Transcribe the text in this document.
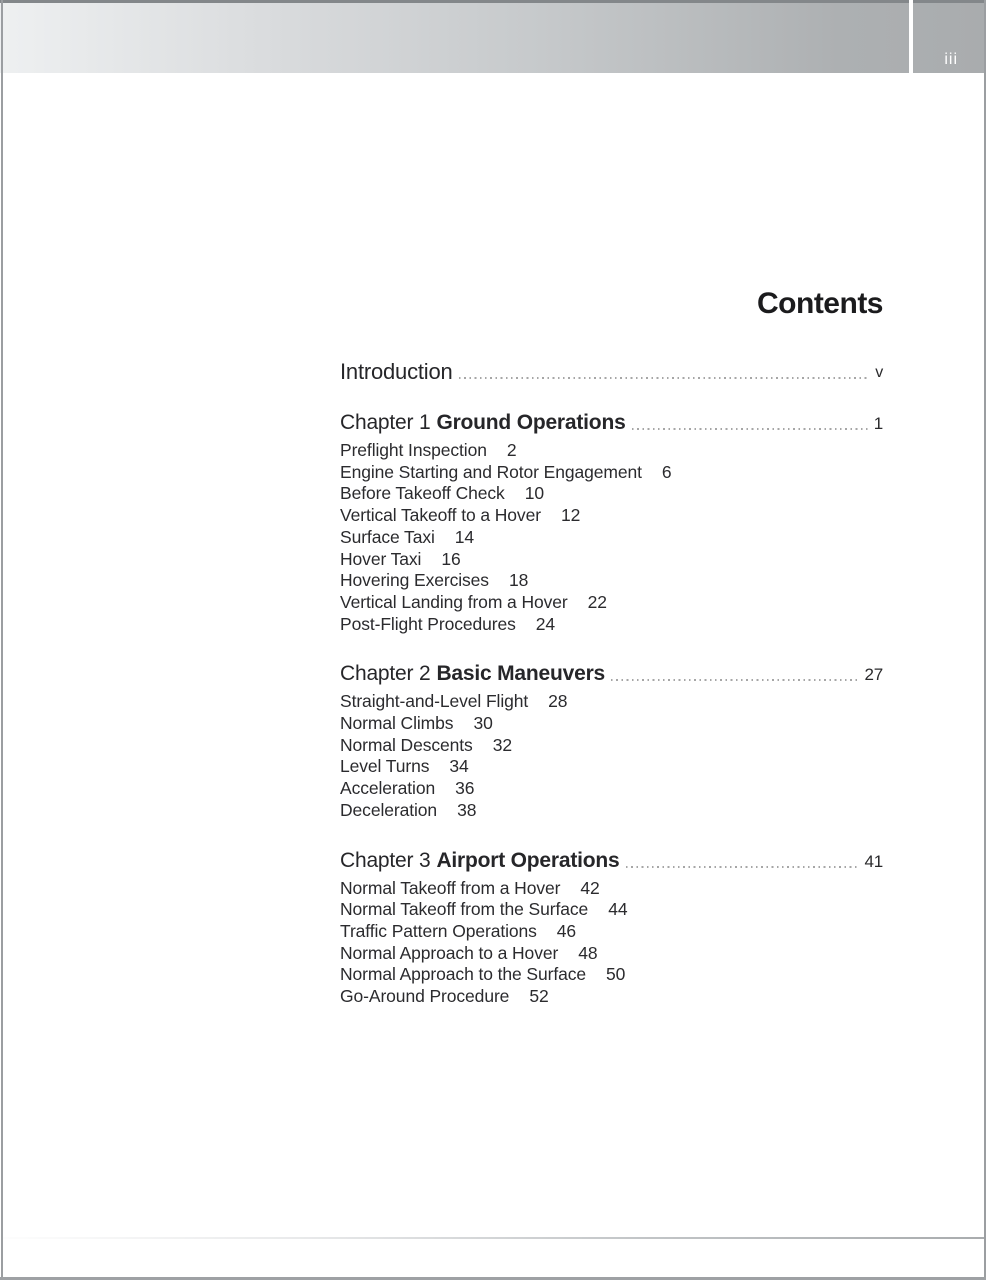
iii
Contents
Introduction	v
Chapter 1 Ground Operations	1
Preflight Inspection 2
Engine Starting and Rotor Engagement 6
Before Takeoff Check 10
Vertical Takeoff to a Hover 12
Surface Taxi 14
Hover Taxi 16
Hovering Exercises 18
Vertical Landing from a Hover 22
Post-Flight Procedures 24
Chapter 2 Basic Maneuvers	27
Straight-and-Level Flight 28
Normal Climbs 30
Normal Descents 32
Level Turns 34
Acceleration 36
Deceleration 38
Chapter 3 Airport Operations	41
Normal Takeoff from a Hover 42
Normal Takeoff from the Surface 44
Traffic Pattern Operations 46
Normal Approach to a Hover 48
Normal Approach to the Surface 50
Go-Around Procedure 52
